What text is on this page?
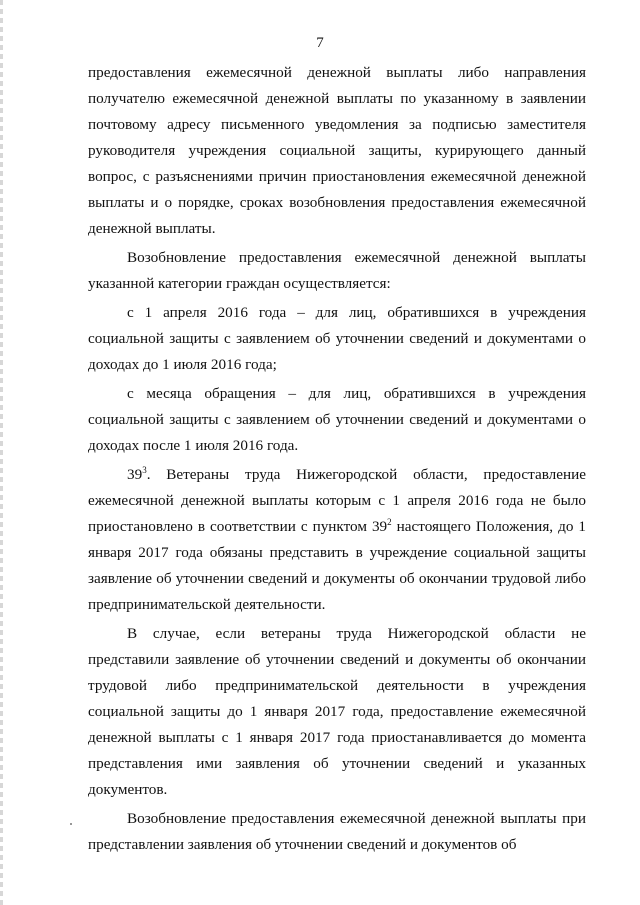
7

предоставления ежемесячной денежной выплаты либо направления получателю ежемесячной денежной выплаты по указанному в заявлении почтовому адресу письменного уведомления за подписью заместителя руководителя учреждения социальной защиты, курирующего данный вопрос, с разъяснениями причин приостановления ежемесячной денежной выплаты и о порядке, сроках возобновления предоставления ежемесячной денежной выплаты.

Возобновление предоставления ежемесячной денежной выплаты указанной категории граждан осуществляется:

с 1 апреля 2016 года – для лиц, обратившихся в учреждения социальной защиты с заявлением об уточнении сведений и документами о доходах до 1 июля 2016 года;

с месяца обращения – для лиц, обратившихся в учреждения социальной защиты с заявлением об уточнении сведений и документами о доходах после 1 июля 2016 года.

$39^3$. Ветераны труда Нижегородской области, предоставление ежемесячной денежной выплаты которым с 1 апреля 2016 года не было приостановлено в соответствии с пунктом $39^2$ настоящего Положения, до 1 января 2017 года обязаны представить в учреждение социальной защиты заявление об уточнении сведений и документы об окончании трудовой либо предпринимательской деятельности.

В случае, если ветераны труда Нижегородской области не представили заявление об уточнении сведений и документы об окончании трудовой либо предпринимательской деятельности в учреждения социальной защиты до 1 января 2017 года, предоставление ежемесячной денежной выплаты с 1 января 2017 года приостанавливается до момента представления ими заявления об уточнении сведений и указанных документов.

Возобновление предоставления ежемесячной денежной выплаты при представлении заявления об уточнении сведений и документов об
